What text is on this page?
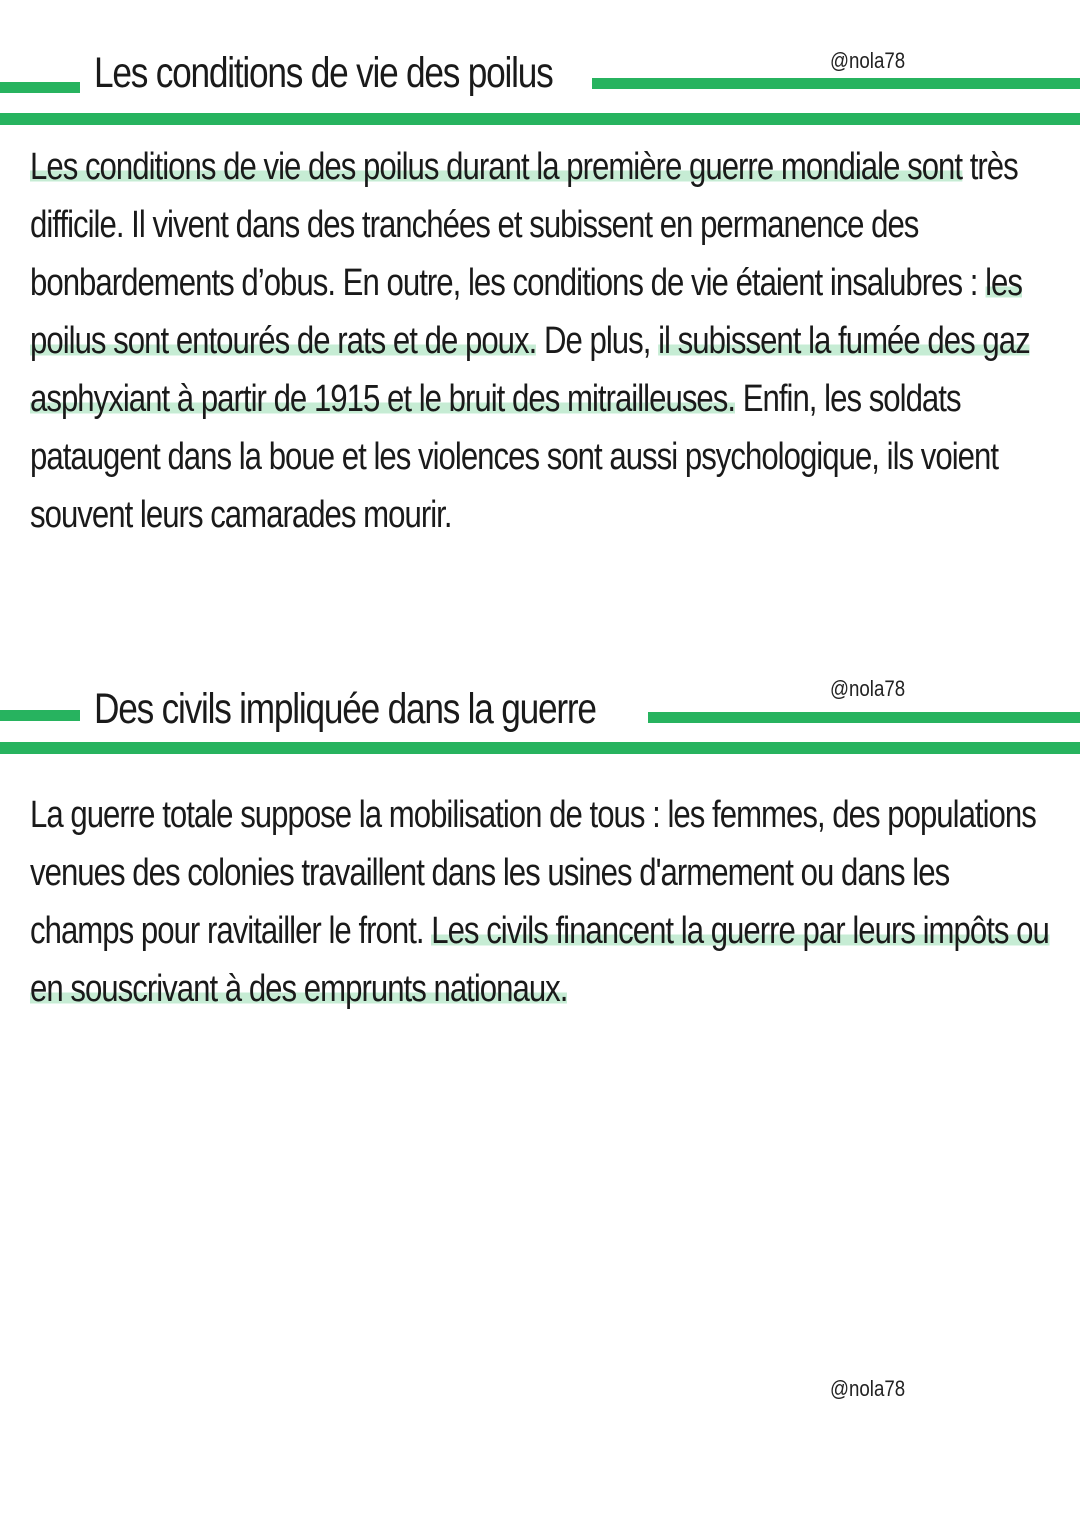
Les conditions de vie des poilus	@nola78

Les conditions de vie des poilus durant la première guerre mondiale sont très difficile. Il vivent dans des tranchées et subissent en permanence des bonbardements d’obus. En outre, les conditions de vie étaient insalubres : les poilus sont entourés de rats et de poux. De plus, il subissent la fumée des gaz asphyxiant à partir de 1915 et le bruit des mitrailleuses. Enfin, les soldats pataugent dans la boue et les violences sont aussi psychologique, ils voient souvent leurs camarades mourir.

Des civils impliquée dans la guerre	@nola78

La guerre totale suppose la mobilisation de tous : les femmes, des populations venues des colonies travaillent dans les usines d'armement ou dans les champs pour ravitailler le front. Les civils financent la guerre par leurs impôts ou en souscrivant à des emprunts nationaux.

@nola78
